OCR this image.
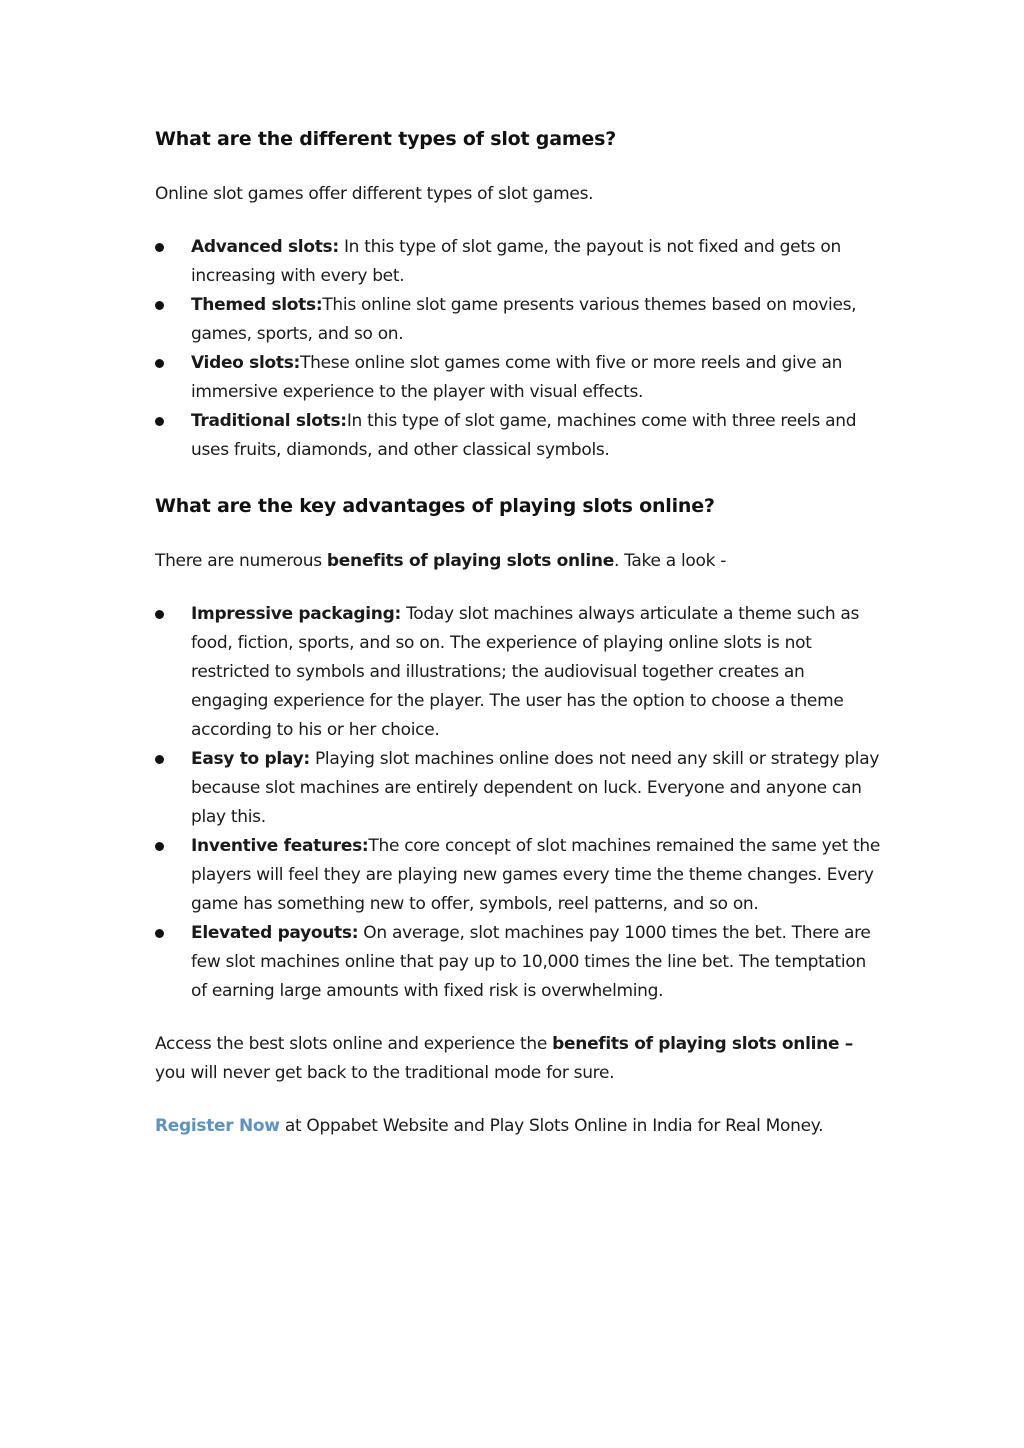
What are the different types of slot games?

Online slot games offer different types of slot games.

Advanced slots: In this type of slot game, the payout is not fixed and gets on increasing with every bet.
Themed slots:This online slot game presents various themes based on movies, games, sports, and so on.
Video slots:These online slot games come with five or more reels and give an immersive experience to the player with visual effects.
Traditional slots:In this type of slot game, machines come with three reels and uses fruits, diamonds, and other classical symbols.
What are the key advantages of playing slots online?

There are numerous benefits of playing slots online. Take a look -

Impressive packaging: Today slot machines always articulate a theme such as food, fiction, sports, and so on. The experience of playing online slots is not restricted to symbols and illustrations; the audiovisual together creates an engaging experience for the player. The user has the option to choose a theme according to his or her choice.
Easy to play: Playing slot machines online does not need any skill or strategy play because slot machines are entirely dependent on luck. Everyone and anyone can play this.
Inventive features:The core concept of slot machines remained the same yet the players will feel they are playing new games every time the theme changes. Every game has something new to offer, symbols, reel patterns, and so on.
Elevated payouts: On average, slot machines pay 1000 times the bet. There are few slot machines online that pay up to 10,000 times the line bet. The temptation of earning large amounts with fixed risk is overwhelming.

Access the best slots online and experience the benefits of playing slots online –
you will never get back to the traditional mode for sure.

Register Now at Oppabet Website and Play Slots Online in India for Real Money.
